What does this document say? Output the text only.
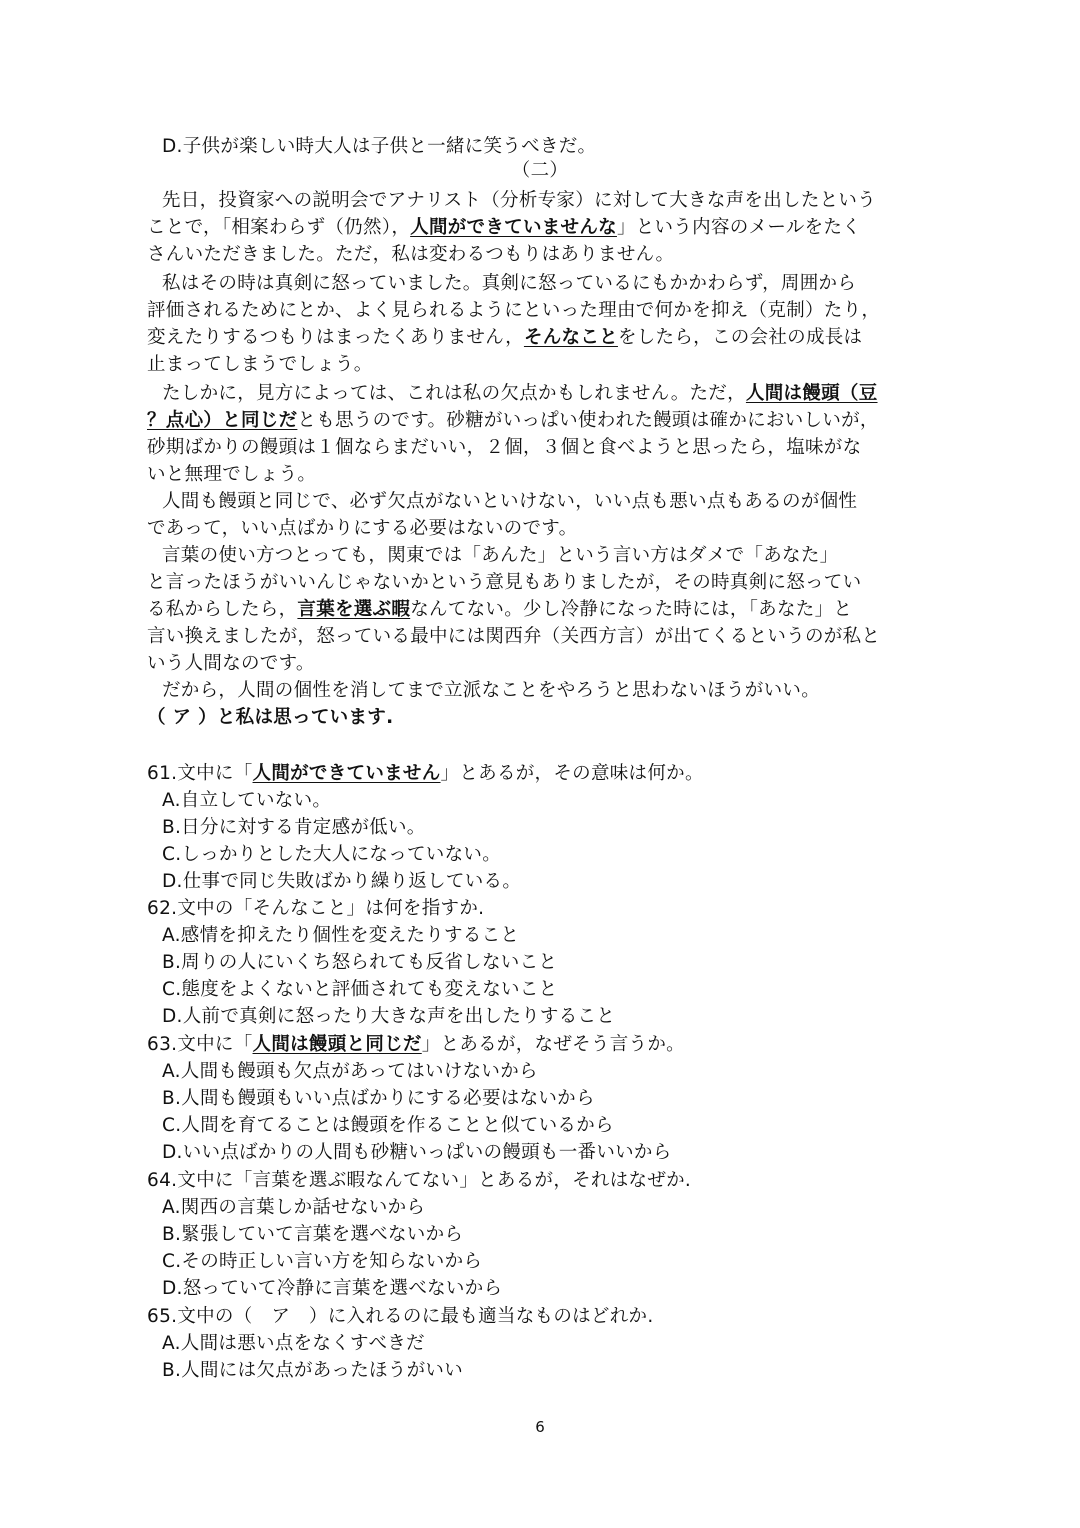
D.子供が楽しい時大人は子供と一緒に笑うべきだ。
（二）
先日，投資家への説明会でアナリスト（分析专家）に対して大きな声を出したという
ことで，「相案わらず（仍然），人間ができていませんな」という内容のメールをたく
さんいただきました。ただ，私は変わるつもりはありません。
私はその時は真剣に怒っていました。真剣に怒っているにもかかわらず，周囲から
評価されるためにとか、よく見られるようにといった理由で何かを抑え（克制）たり，
変えたりするつもりはまったくありません，そんなことをしたら，この会社の成長は
止まってしまうでしょう。
たしかに，見方によっては、これは私の欠点かもしれません。ただ，人間は饅頭（豆
？点心）と同じだとも思うのです。砂糖がいっぱい使われた饅頭は確かにおいしいが，
砂期ばかりの饅頭は１個ならまだいい，２個，３個と食べようと思ったら，塩味がな
いと無理でしょう。
人間も饅頭と同じで、必ず欠点がないといけない，いい点も悪い点もあるのが個性
であって，いい点ばかりにする必要はないのです。
言葉の使い方つとっても，関東では「あんた」という言い方はダメで「あなた」
と言ったほうがいいんじゃないかという意見もありましたが，その時真剣に怒ってい
る私からしたら，言葉を選ぶ暇なんてない。少し冷静になった時には，「あなた」と
言い換えましたが，怒っている最中には関西弁（关西方言）が出てくるというのが私と
いう人間なのです。
だから，人間の個性を消してまで立派なことをやろうと思わないほうがいい。
（ ア ）と私は思っています.
61.文中に「人間ができていません」とあるが，その意味は何か。
A.自立していない。
B.日分に対する肯定感が低い。
C.しっかりとした大人になっていない。
D.仕事で同じ失敗ばかり繰り返している。
62.文中の「そんなこと」は何を指すか.
A.感情を抑えたり個性を変えたりすること
B.周りの人にいくち怒られても反省しないこと
C.態度をよくないと評価されても変えないこと
D.人前で真剣に怒ったり大きな声を出したりすること
63.文中に「人間は饅頭と同じだ」とあるが，なぜそう言うか。
A.人間も饅頭も欠点があってはいけないから
B.人間も饅頭もいい点ばかりにする必要はないから
C.人間を育てることは饅頭を作ることと似ているから
D.いい点ばかりの人間も砂糖いっぱいの饅頭も一番いいから
64.文中に「言葉を選ぶ暇なんてない」とあるが，それはなぜか.
A.関西の言葉しか話せないから
B.緊張していて言葉を選べないから
C.その時正しい言い方を知らないから
D.怒っていて冷静に言葉を選べないから
65.文中の（　ア　）に入れるのに最も適当なものはどれか.
A.人間は悪い点をなくすべきだ
B.人間には欠点があったほうがいい
6
